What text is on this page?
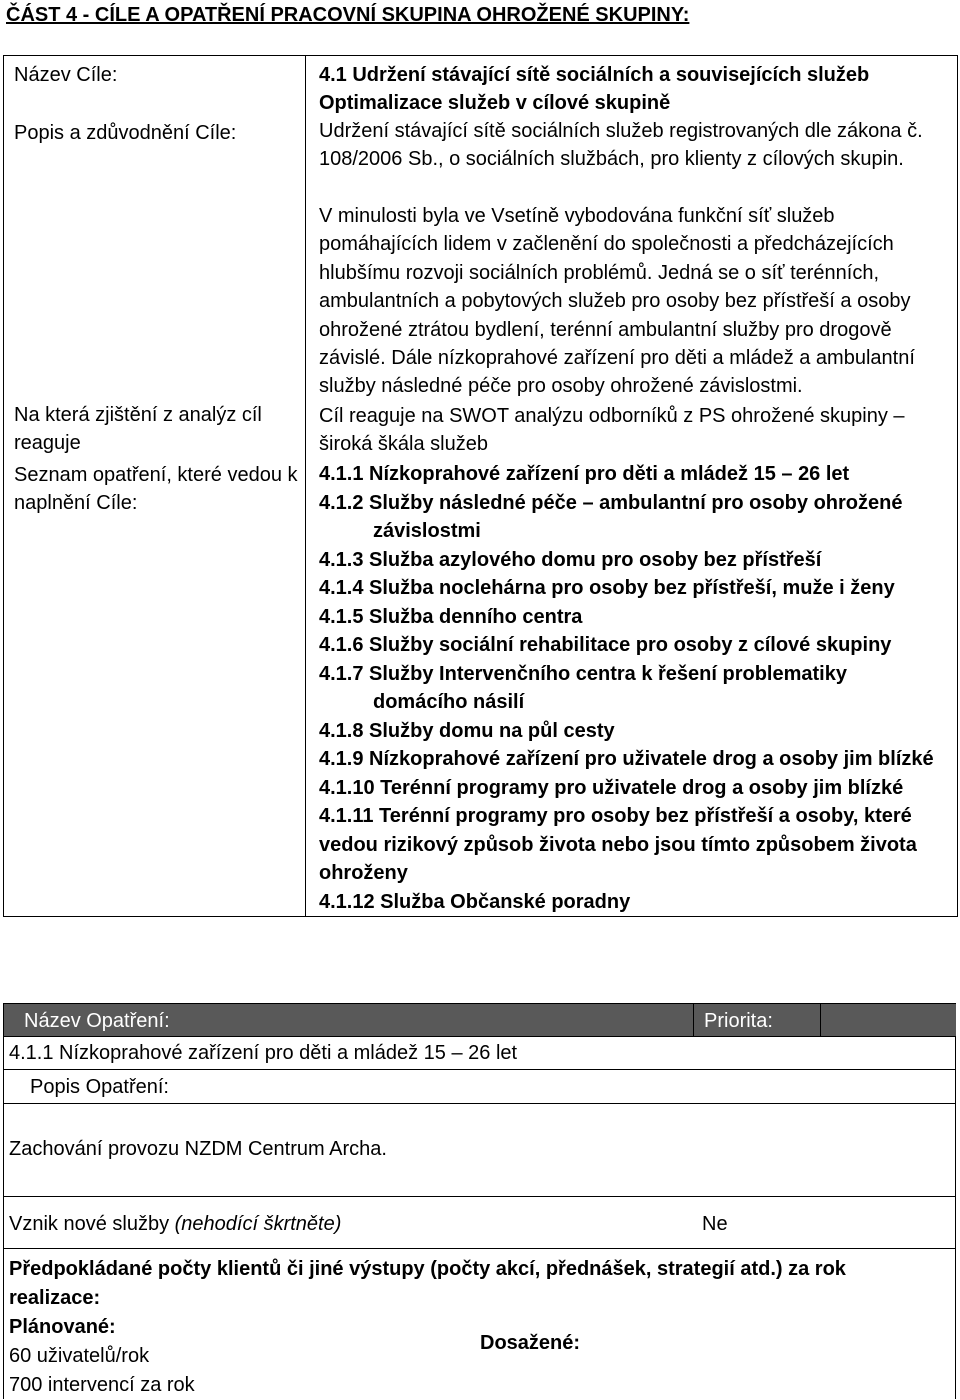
ČÁST 4 - CÍLE A OPATŘENÍ PRACOVNÍ SKUPINA OHROŽENÉ SKUPINY:
Název Cíle:
Popis a zdůvodnění Cíle:
Na která zjištění z analýz cíl reaguje
Seznam opatření, které vedou k naplnění Cíle:
4.1 Udržení stávající sítě sociálních a souvisejících služeb
Optimalizace služeb v cílové skupině
Udržení stávající sítě sociálních služeb registrovaných dle zákona č. 108/2006 Sb., o sociálních službách, pro klienty z cílových skupin.
V minulosti byla ve Vsetíně vybodována funkční síť služeb pomáhajících lidem v začlenění do společnosti a předcházejících hlubšímu rozvoji sociálních problémů. Jedná se o síť terénních, ambulantních a pobytových služeb pro osoby bez přístřeší a osoby ohrožené ztrátou bydlení, terénní ambulantní služby pro drogově závislé. Dále nízkoprahové zařízení pro děti a mládež a ambulantní služby následné péče pro osoby ohrožené závislostmi.
Cíl reaguje na SWOT analýzu odborníků z PS ohrožené skupiny – široká škála služeb
4.1.1 Nízkoprahové zařízení pro děti a mládež 15 – 26 let
4.1.2 Služby následné péče – ambulantní pro osoby ohrožené
závislostmi
4.1.3 Služba azylového domu pro osoby bez přístřeší
4.1.4 Služba noclehárna pro osoby bez přístřeší, muže i ženy
4.1.5 Služba denního centra
4.1.6 Služby sociální rehabilitace pro osoby z cílové skupiny
4.1.7 Služby Intervenčního centra k řešení problematiky
domácího násilí
4.1.8 Služby domu na půl cesty
4.1.9 Nízkoprahové zařízení pro uživatele drog a osoby jim blízké
4.1.10 Terénní programy pro uživatele drog a osoby jim blízké
4.1.11 Terénní programy pro osoby bez přístřeší a osoby, které vedou rizikový způsob života nebo jsou tímto způsobem života ohroženy
4.1.12 Služba Občanské poradny
Název Opatření:	Priorita:
4.1.1 Nízkoprahové zařízení pro děti a mládež 15 – 26 let
Popis Opatření:
Zachování provozu NZDM Centrum Archa.
Vznik nové služby (nehodící škrtněte)	Ne
Předpokládané počty klientů či jiné výstupy (počty akcí, přednášek, strategií atd.) za rok realizace:
Plánované:
60 uživatelů/rok
700 intervencí za rok
Dosažené:
